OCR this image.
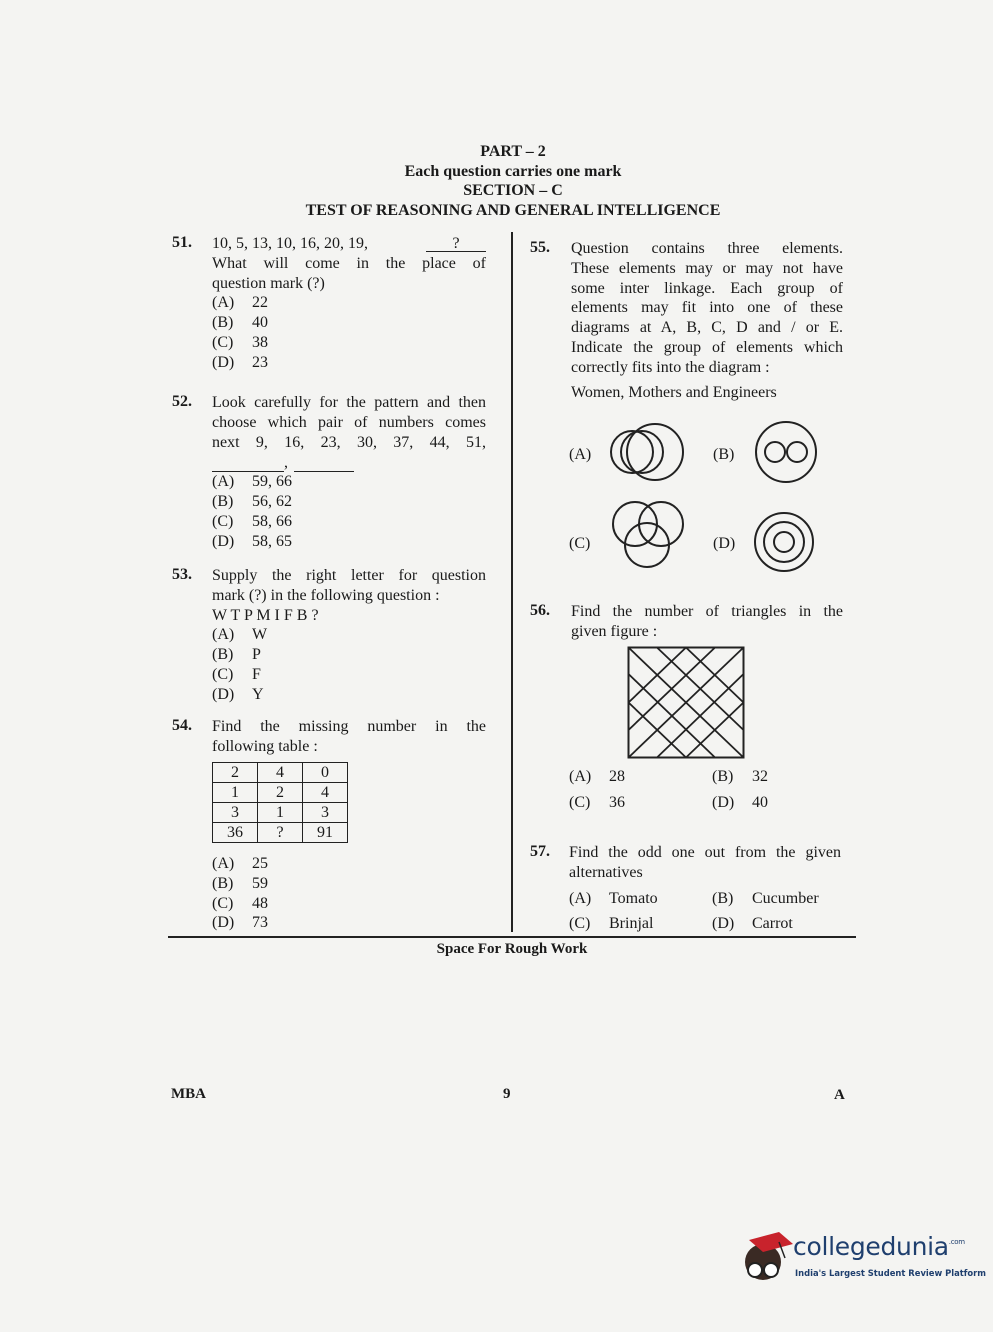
PART – 2
Each question carries one mark
SECTION – C
TEST OF REASONING AND GENERAL INTELLIGENCE
51. 10, 5, 13, 10, 16, 20, 19,	?
What will come in the place of
question mark (?)
(A)	22
(B)	40
(C)	38
(D)	23
52. Look carefully for the pattern and then
choose which pair of numbers comes
next 9, 16, 23, 30, 37, 44, 51,
,
(A)	59, 66
(B)	56, 62
(C)	58, 66
(D)	58, 65
53. Supply the right letter for question
mark (?) in the following question :
W T P M I F B ?
(A)	W
(B)	P
(C)	F
(D)	Y
54. Find the missing number in the
following table :
2	4	0
1	2	4
3	1	3
36	?	91
(A)	25
(B)	59
(C)	48
(D)	73
55. Question contains three elements.
These elements may or may not have
some inter linkage. Each group of
elements may fit into one of these
diagrams at A, B, C, D and / or E.
Indicate the group of elements which
correctly fits into the diagram :
Women, Mothers and Engineers
(A)	(B)
(C)	(D)
56. Find the number of triangles in the
given figure :
(A)	28	(B)	32
(C)	36	(D)	40
57. Find the odd one out from the given
alternatives
(A)	Tomato	(B)	Cucumber
(C)	Brinjal	(D)	Carrot
Space For Rough Work
MBA	9	A
collegedunia$^{.com}$
India's Largest Student Review Platform
